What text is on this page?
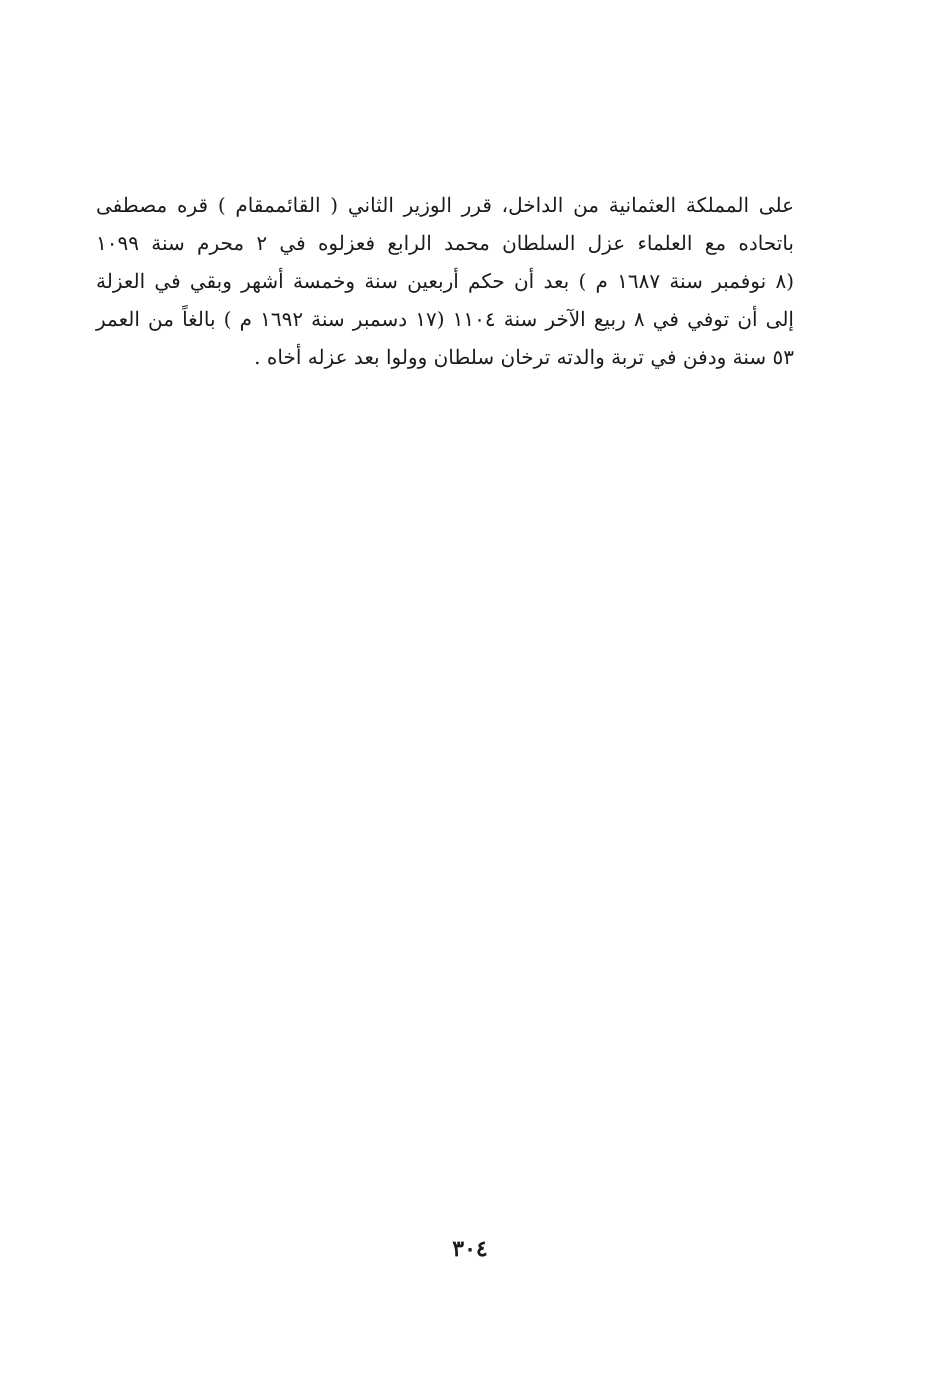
على المملكة العثمانية من الداخل، قرر الوزير الثاني ( القائممقام ) قره مصطفى
باتحاده مع العلماء عزل السلطان محمد الرابع فعزلوه في ٢ محرم سنة ١٠٩٩
(٨ نوفمبر سنة ١٦٨٧ م ) بعد أن حكم أربعين سنة وخمسة أشهر وبقي في العزلة
إلى أن توفي في ٨ ربيع الآخر سنة ١١٠٤ (١٧ دسمبر سنة ١٦٩٢ م ) بالغاً من العمر
٥٣ سنة ودفن في تربة والدته ترخان سلطان وولوا بعد عزله أخاه .
٣٠٤
